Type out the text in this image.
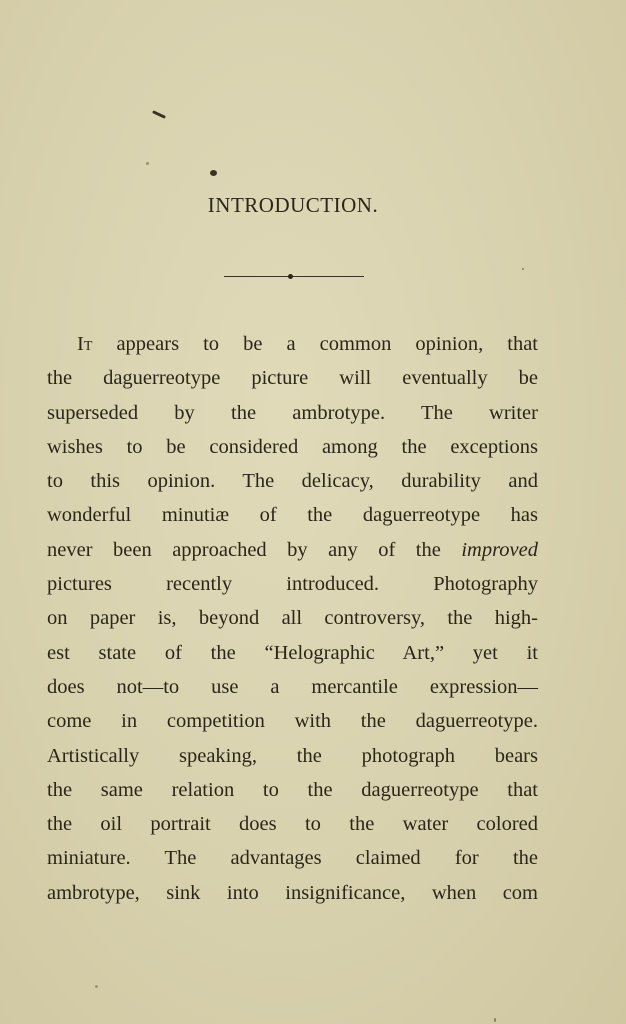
INTRODUCTION.
It appears to be a common opinion, that
the daguerreotype picture will eventually be
superseded by the ambrotype. The writer
wishes to be considered among the exceptions
to this opinion. The delicacy, durability and
wonderful minutiæ of the daguerreotype has
never been approached by any of the improved
pictures recently introduced. Photography
on paper is, beyond all controversy, the high-
est state of the “Helographic Art,” yet it
does not—to use a mercantile expression—
come in competition with the daguerreotype.
Artistically speaking, the photograph bears
the same relation to the daguerreotype that
the oil portrait does to the water colored
miniature. The advantages claimed for the
ambrotype, sink into insignificance, when com
